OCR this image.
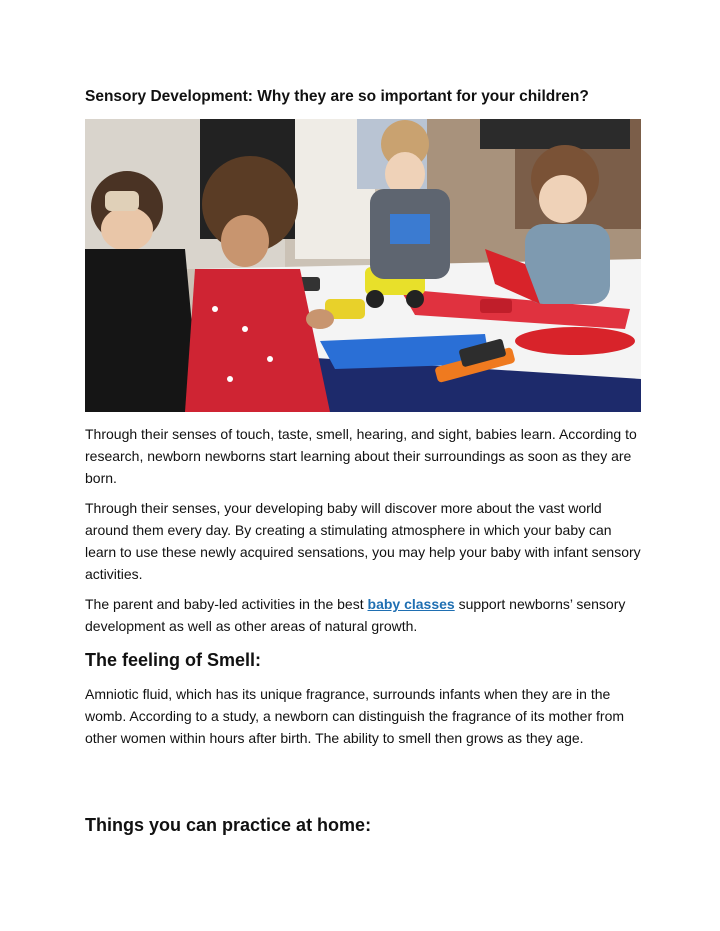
Sensory Development: Why they are so important for your children?

Through their senses of touch, taste, smell, hearing, and sight, babies learn. According to research, newborn newborns start learning about their surroundings as soon as they are born.

Through their senses, your developing baby will discover more about the vast world around them every day. By creating a stimulating atmosphere in which your baby can learn to use these newly acquired sensations, you may help your baby with infant sensory activities.

The parent and baby-led activities in the best baby classes support newborns’ sensory development as well as other areas of natural growth.

The feeling of Smell:

Amniotic fluid, which has its unique fragrance, surrounds infants when they are in the womb. According to a study, a newborn can distinguish the fragrance of its mother from other women within hours after birth. The ability to smell then grows as they age.

Things you can practice at home:
